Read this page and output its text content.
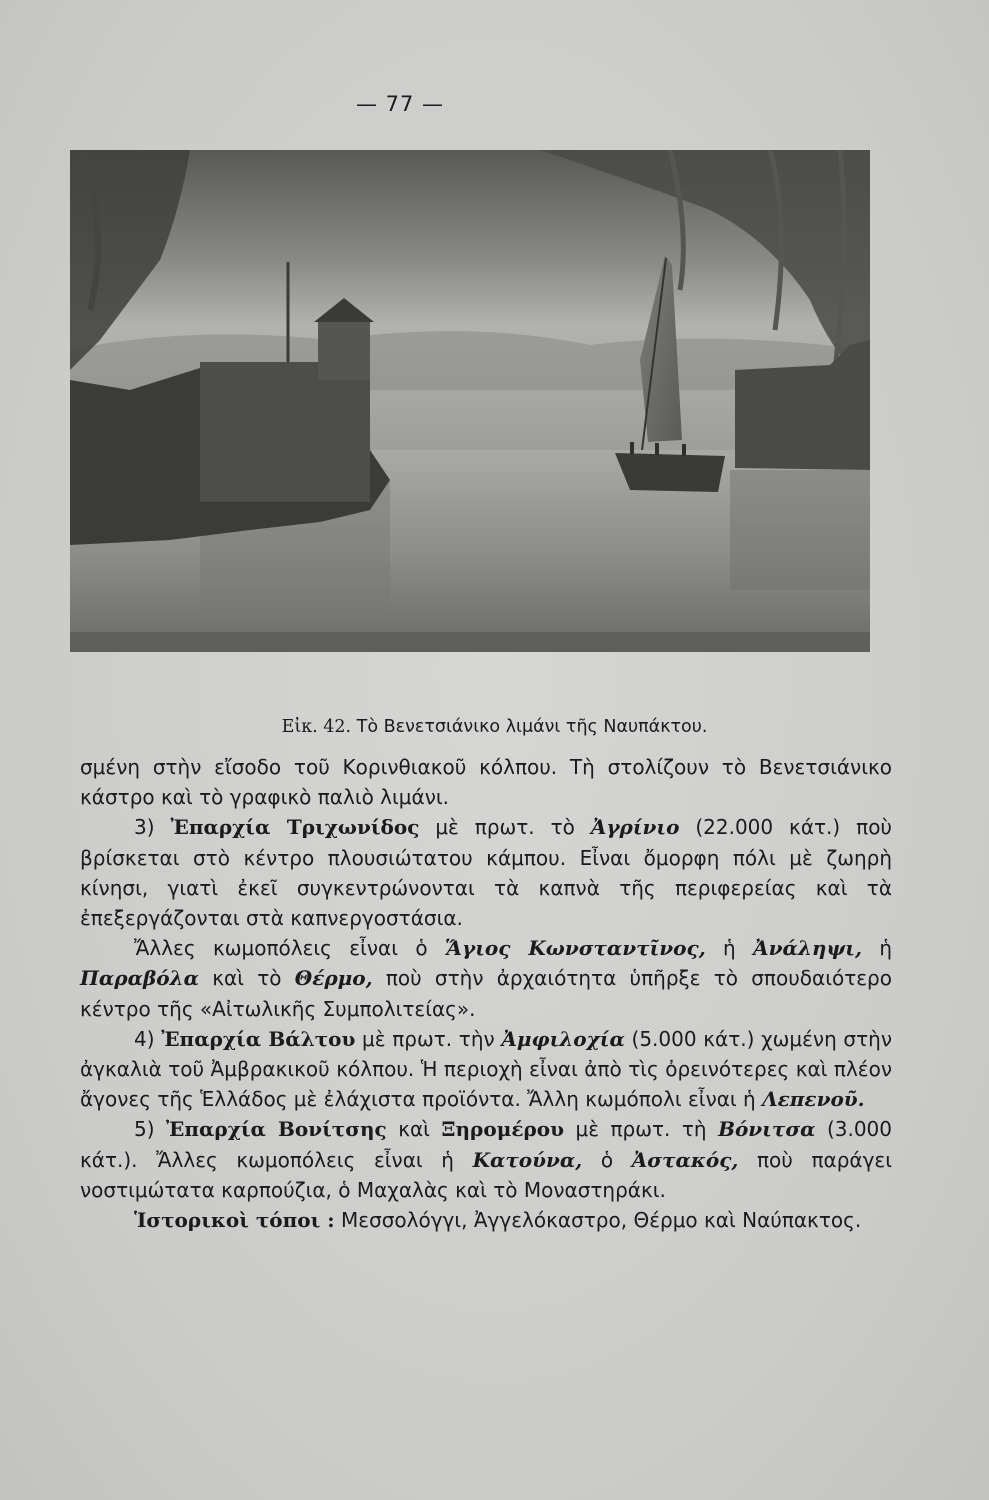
— 77 —
Εἰκ. 42. Τὸ Βενετσιάνικο λιμάνι τῆς Ναυπάκτου.

σμένη στὴν εἴσοδο τοῦ Κορινθιακοῦ κόλπου. Τὴ στολίζουν τὸ Βενετσιάνικο κάστρο καὶ τὸ γραφικὸ παλιὸ λιμάνι.

3) Ἐπαρχία Τριχωνίδος μὲ πρωτ. τὸ Ἀγρίνιο (22.000 κάτ.) ποὺ βρίσκεται στὸ κέντρο πλουσιώτατου κάμπου. Εἶναι ὄμορφη πόλι μὲ ζωηρὴ κίνησι, γιατὶ ἐκεῖ συγκεντρώνονται τὰ καπνὰ τῆς περιφερείας καὶ τὰ ἐπεξεργάζονται στὰ καπνεργοστάσια.

Ἄλλες κωμοπόλεις εἶναι ὁ Ἅγιος Κωνσταντῖνος, ἡ Ἀνάληψι, ἡ Παραβόλα καὶ τὸ Θέρμο, ποὺ στὴν ἀρχαιότητα ὑπῆρξε τὸ σπουδαιότερο κέντρο τῆς «Αἰτωλικῆς Συμπολιτείας».

4) Ἐπαρχία Βάλτου μὲ πρωτ. τὴν Ἀμφιλοχία (5.000 κάτ.) χωμένη στὴν ἀγκαλιὰ τοῦ Ἀμβρακικοῦ κόλπου. Ἡ περιοχὴ εἶναι ἀπὸ τὶς ὀρεινότερες καὶ πλέον ἄγονες τῆς Ἑλλάδος μὲ ἐλάχιστα προϊόντα. Ἄλλη κωμόπολι εἶναι ἡ Λεπενοῦ.

5) Ἐπαρχία Βονίτσης καὶ Ξηρομέρου μὲ πρωτ. τὴ Βόνιτσα (3.000 κάτ.). Ἄλλες κωμοπόλεις εἶναι ἡ Κατούνα, ὁ Ἀστακός, ποὺ παράγει νοστιμώτατα καρπούζια, ὁ Μαχαλὰς καὶ τὸ Μοναστηράκι.

Ἱστορικοὶ τόποι : Μεσσολόγγι, Ἀγγελόκαστρο, Θέρμο καὶ Ναύπακτος.
